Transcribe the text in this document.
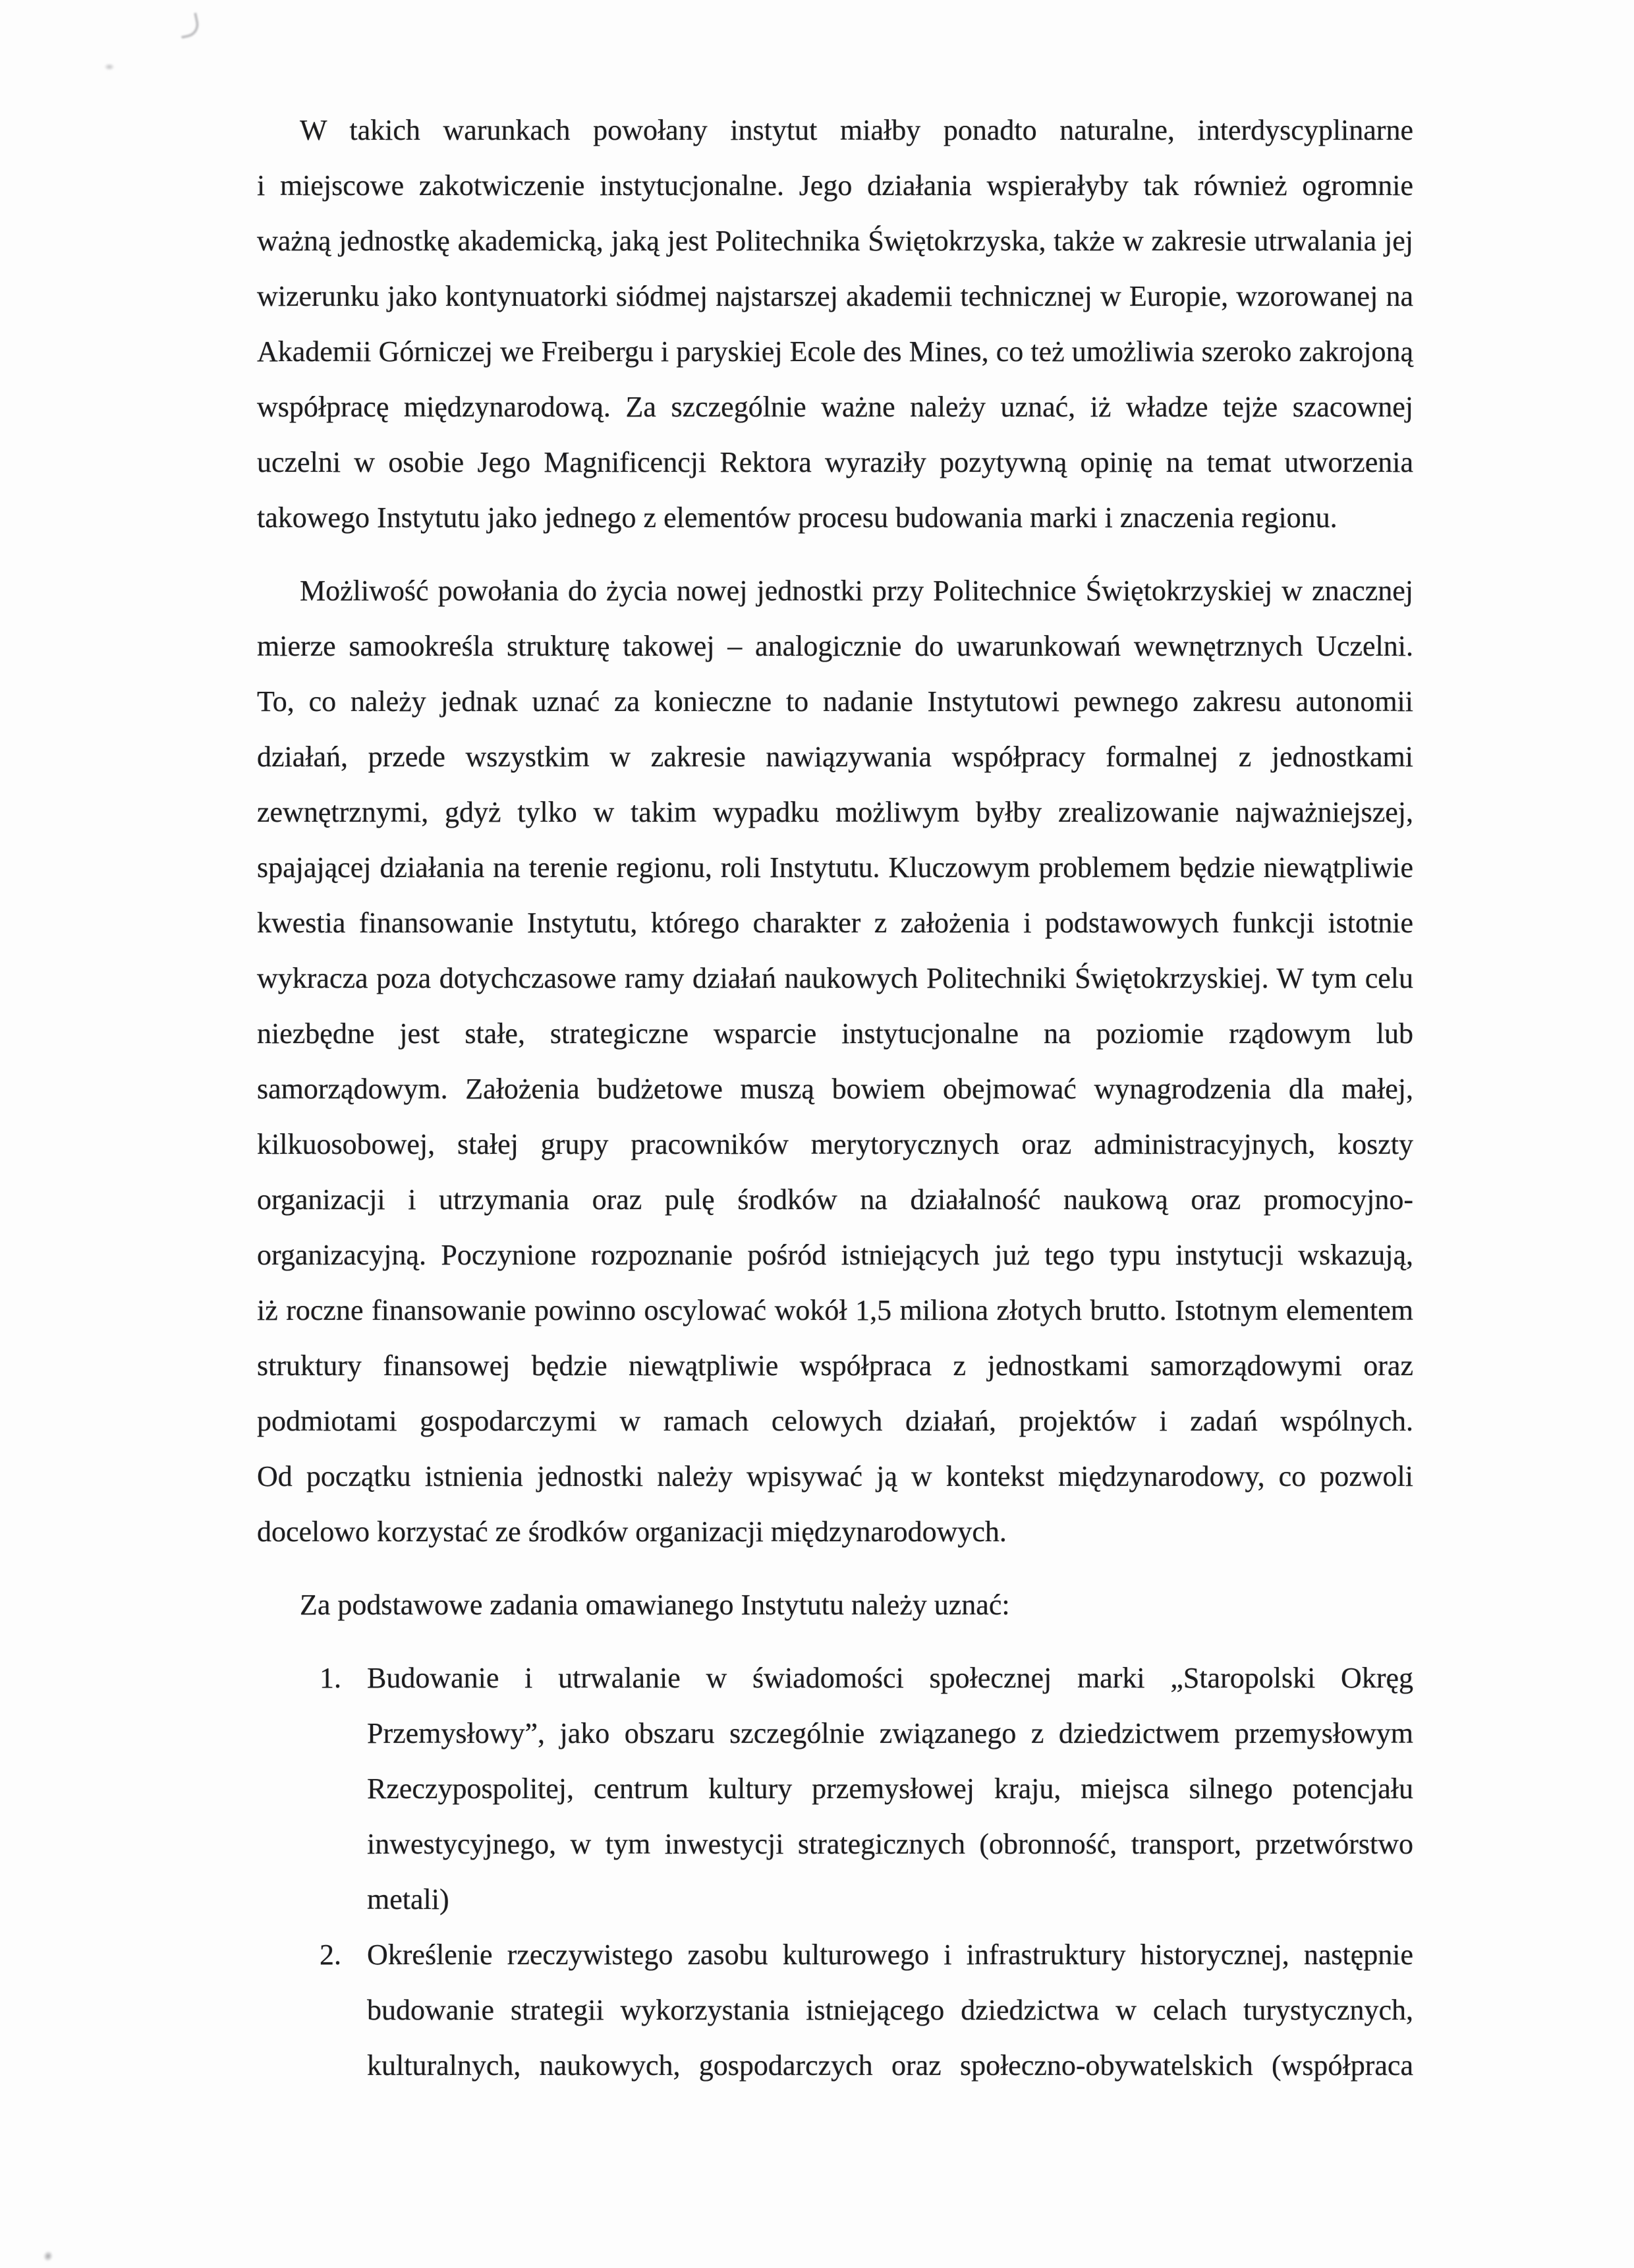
W takich warunkach powołany instytut miałby ponadto naturalne, interdyscyplinarne
i miejscowe zakotwiczenie instytucjonalne. Jego działania wspierałyby tak również ogromnie
ważną jednostkę akademicką, jaką jest Politechnika Świętokrzyska, także w zakresie utrwalania jej
wizerunku jako kontynuatorki siódmej najstarszej akademii technicznej w Europie, wzorowanej na
Akademii Górniczej we Freibergu i paryskiej Ecole des Mines, co też umożliwia szeroko zakrojoną
współpracę międzynarodową. Za szczególnie ważne należy uznać, iż władze tejże szacownej
uczelni w osobie Jego Magnificencji Rektora wyraziły pozytywną opinię na temat utworzenia
takowego Instytutu jako jednego z elementów procesu budowania marki i znaczenia regionu.
Możliwość powołania do życia nowej jednostki przy Politechnice Świętokrzyskiej w znacznej
mierze samookreśla strukturę takowej – analogicznie do uwarunkowań wewnętrznych Uczelni.
To, co należy jednak uznać za konieczne to nadanie Instytutowi pewnego zakresu autonomii
działań, przede wszystkim w zakresie nawiązywania współpracy formalnej z jednostkami
zewnętrznymi, gdyż tylko w takim wypadku możliwym byłby zrealizowanie najważniejszej,
spajającej działania na terenie regionu, roli Instytutu. Kluczowym problemem będzie niewątpliwie
kwestia finansowanie Instytutu, którego charakter z założenia i podstawowych funkcji istotnie
wykracza poza dotychczasowe ramy działań naukowych Politechniki Świętokrzyskiej. W tym celu
niezbędne jest stałe, strategiczne wsparcie instytucjonalne na poziomie rządowym lub
samorządowym. Założenia budżetowe muszą bowiem obejmować wynagrodzenia dla małej,
kilkuosobowej, stałej grupy pracowników merytorycznych oraz administracyjnych, koszty
organizacji i utrzymania oraz pulę środków na działalność naukową oraz promocyjno-
organizacyjną. Poczynione rozpoznanie pośród istniejących już tego typu instytucji wskazują,
iż roczne finansowanie powinno oscylować wokół 1,5 miliona złotych brutto. Istotnym elementem
struktury finansowej będzie niewątpliwie współpraca z jednostkami samorządowymi oraz
podmiotami gospodarczymi w ramach celowych działań, projektów i zadań wspólnych.
Od początku istnienia jednostki należy wpisywać ją w kontekst międzynarodowy, co pozwoli
docelowo korzystać ze środków organizacji międzynarodowych.
Za podstawowe zadania omawianego Instytutu należy uznać:
1. Budowanie i utrwalanie w świadomości społecznej marki „Staropolski Okręg
Przemysłowy”, jako obszaru szczególnie związanego z dziedzictwem przemysłowym
Rzeczypospolitej, centrum kultury przemysłowej kraju, miejsca silnego potencjału
inwestycyjnego, w tym inwestycji strategicznych (obronność, transport, przetwórstwo
metali)
2. Określenie rzeczywistego zasobu kulturowego i infrastruktury historycznej, następnie
budowanie strategii wykorzystania istniejącego dziedzictwa w celach turystycznych,
kulturalnych, naukowych, gospodarczych oraz społeczno-obywatelskich (współpraca
